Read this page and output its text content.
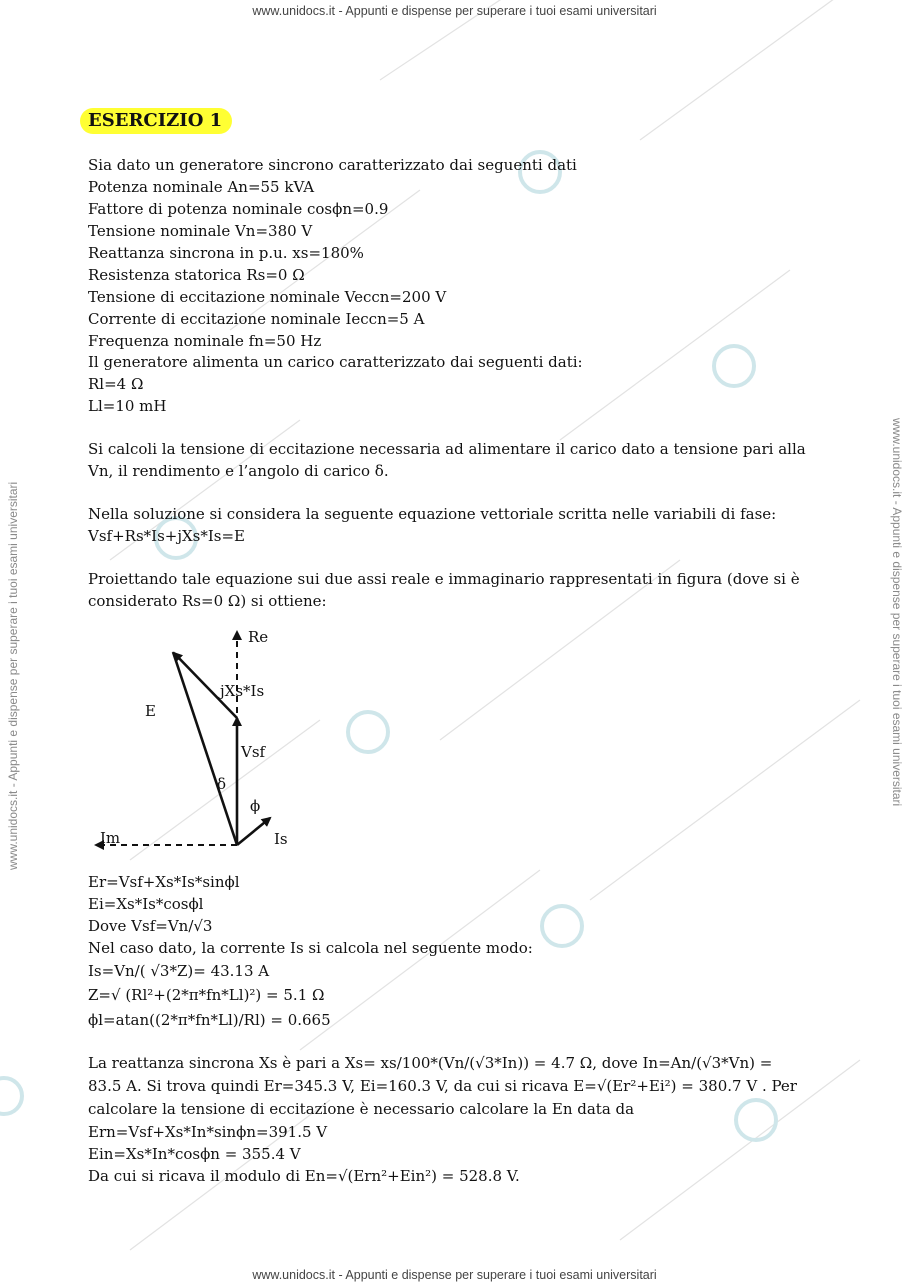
www.unidocs.it - Appunti e dispense per superare i tuoi esami universitari
www.unidocs.it - Appunti e dispense per superare i tuoi esami universitari	www.unidocs.it - Appunti e dispense per superare i tuoi esami universitari
ESERCIZIO 1
Sia dato un generatore sincrono caratterizzato dai seguenti dati
Potenza nominale An=55 kVA
Fattore di potenza nominale cosϕn=0.9
Tensione nominale Vn=380 V
Reattanza sincrona in p.u. xs=180%
Resistenza statorica Rs=0 Ω
Tensione di eccitazione nominale Veccn=200 V
Corrente di eccitazione nominale Ieccn=5 A
Frequenza nominale fn=50 Hz
Il generatore alimenta un carico caratterizzato dai seguenti dati:
Rl=4 Ω
Ll=10 mH
Si calcoli la tensione di eccitazione necessaria ad alimentare il carico dato a tensione pari alla
Vn, il rendimento e l’angolo di carico δ.
Nella soluzione si considera la seguente equazione vettoriale scritta nelle variabili di fase:
Vsf+Rs*Is+jXs*Is=E
Proiettando tale equazione sui due assi reale e immaginario rappresentati in figura (dove si è
considerato Rs=0 Ω) si ottiene:
Re
jXs*Is
E
Vsf
δ
ϕ
Im	Is
Er=Vsf+Xs*Is*sinϕl
Ei=Xs*Is*cosϕl
Dove Vsf=Vn/√3
Nel caso dato, la corrente Is si calcola nel seguente modo:
Is=Vn/( √3*Z)= 43.13 A
Z=√ (Rl²+(2*π*fn*Ll)²) = 5.1 Ω
ϕl=atan((2*π*fn*Ll)/Rl) = 0.665
La reattanza sincrona Xs è pari a Xs= xs/100*(Vn/(√3*In)) = 4.7 Ω, dove In=An/(√3*Vn) =
83.5 A. Si trova quindi Er=345.3 V, Ei=160.3 V, da cui si ricava E=√(Er²+Ei²) = 380.7 V . Per
calcolare la tensione di eccitazione è necessario calcolare la En data da
Ern=Vsf+Xs*In*sinϕn=391.5 V
Ein=Xs*In*cosϕn = 355.4 V
Da cui si ricava il modulo di En=√(Ern²+Ein²) = 528.8 V.
www.unidocs.it - Appunti e dispense per superare i tuoi esami universitari
